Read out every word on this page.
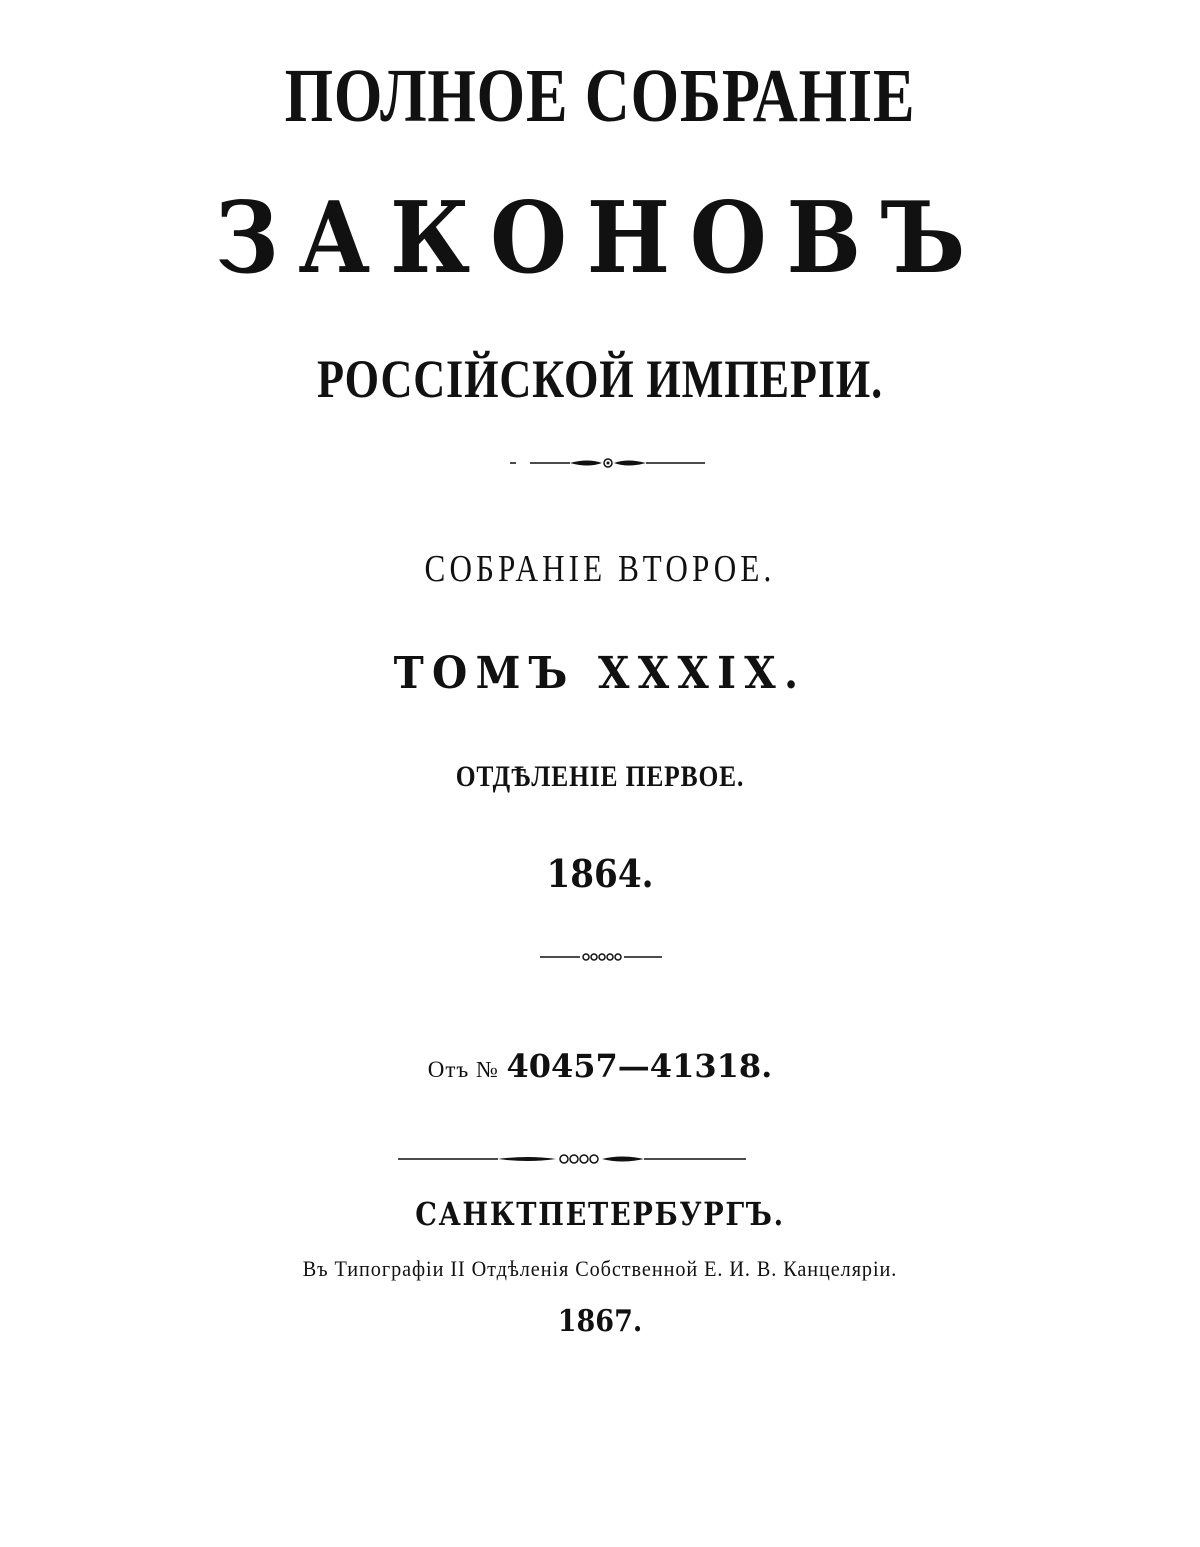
ПОЛНОЕ СОБРАНІЕ
ЗАКОНОВЪ
РОССІЙСКОЙ ИМПЕРІИ.
СОБРАНІЕ ВТОРОЕ.
ТОМЪ XXXIX.
ОТДѢЛЕНІЕ ПЕРВОЕ.
1864.
Отъ № 40457—41318.
САНКТПЕТЕРБУРГЪ.
Въ Типографіи II Отдѣленія Собственной Е. И. В. Канцеляріи.
1867.
